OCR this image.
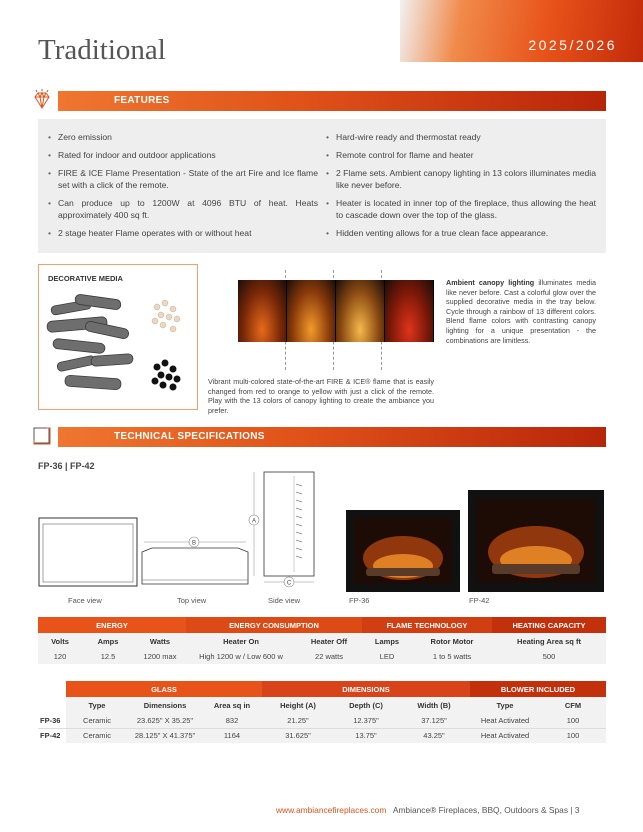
Traditional	2025/2026
FEATURES
• Zero emission
• Rated for indoor and outdoor applications
• FIRE & ICE Flame Presentation - State of the art Fire and Ice flame set with a click of the remote.
• Can produce up to 1200W at 4096 BTU of heat. Heats approximately 400 sq ft.
• 2 stage heater Flame operates with or without heat
• Hard-wire ready and thermostat ready
• Remote control for flame and heater
• 2 Flame sets. Ambient canopy lighting in 13 colors illuminates media like never before.
• Heater is located in inner top of the fireplace, thus allowing the heat to cascade down over the top of the glass.
• Hidden venting allows for a true clean face appearance.
DECORATIVE MEDIA

Vibrant multi-colored state-of-the-art FIRE & ICE® flame that is easily changed from red to orange to yellow with just a click of the remote. Play with the 13 colors of canopy lighting to create the ambiance you prefer.

Ambient canopy lighting illuminates media like never before. Cast a colorful glow over the supplied decorative media in the tray below. Cycle through a rainbow of 13 different colors. Blend flame colors with contrasting canopy lighting for a unique presentation - the combinations are limitless.

TECHNICAL SPECIFICATIONS
FP-36 | FP-42
B
A
C
Face view	Top view	Side view	FP-36	FP-42
ENERGY			ENERGY CONSUMPTION		FLAME TECHNOLOGY		HEATING CAPACITY
Volts	Amps	Watts	Heater On	Heater Off	Lamps	Rotor Motor	Heating Area sq ft
120	12.5	1200 max	High 1200 w / Low 600 w	22 watts	LED	1 to 5 watts	500
	GLASS			DIMENSIONS			BLOWER INCLUDED	
	Type	Dimensions	Area sq in	Height (A)	Depth (C)	Width (B)	Type	CFM
FP-36	Ceramic	23.625" X 35.25"	832	21.25"	12.375"	37.125"	Heat Activated	100
FP-42	Ceramic	28.125" X 41.375"	1164	31.625"	13.75"	43.25"	Heat Activated	100
www.ambiancefireplaces.com Ambiance® Fireplaces, BBQ, Outdoors & Spas | 3
